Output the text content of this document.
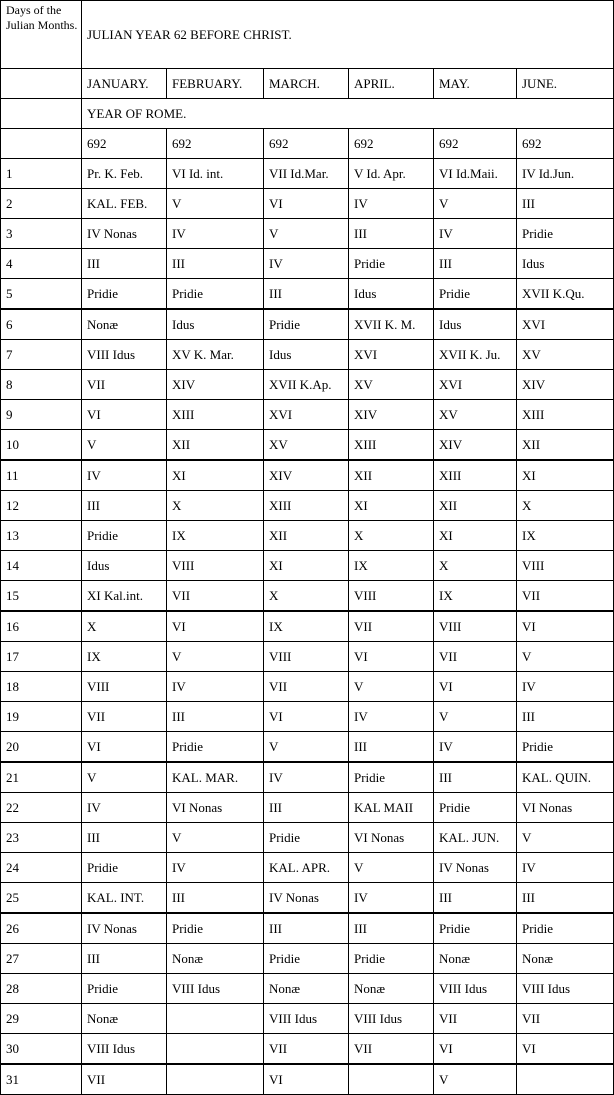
Days of the Julian Months.	JULIAN YEAR 62 BEFORE CHRIST.					
	JANUARY.	FEBRUARY.	MARCH.	APRIL.	MAY.	JUNE.
	YEAR OF ROME.					
	692	692	692	692	692	692
1	Pr. K. Feb.	VI Id. int.	VII Id.Mar.	V Id. Apr.	VI Id.Maii.	IV Id.Jun.
2	KAL. FEB.	V	VI	IV	V	III
3	IV Nonas	IV	V	III	IV	Pridie
4	III	III	IV	Pridie	III	Idus
5	Pridie	Pridie	III	Idus	Pridie	XVII K.Qu.
6	Nonæ	Idus	Pridie	XVII K. M.	Idus	XVI
7	VIII Idus	XV K. Mar.	Idus	XVI	XVII K. Ju.	XV
8	VII	XIV	XVII K.Ap.	XV	XVI	XIV
9	VI	XIII	XVI	XIV	XV	XIII
10	V	XII	XV	XIII	XIV	XII
11	IV	XI	XIV	XII	XIII	XI
12	III	X	XIII	XI	XII	X
13	Pridie	IX	XII	X	XI	IX
14	Idus	VIII	XI	IX	X	VIII
15	XI Kal.int.	VII	X	VIII	IX	VII
16	X	VI	IX	VII	VIII	VI
17	IX	V	VIII	VI	VII	V
18	VIII	IV	VII	V	VI	IV
19	VII	III	VI	IV	V	III
20	VI	Pridie	V	III	IV	Pridie
21	V	KAL. MAR.	IV	Pridie	III	KAL. QUIN.
22	IV	VI Nonas	III	KAL MAII	Pridie	VI Nonas
23	III	V	Pridie	VI Nonas	KAL. JUN.	V
24	Pridie	IV	KAL. APR.	V	IV Nonas	IV
25	KAL. INT.	III	IV Nonas	IV	III	III
26	IV Nonas	Pridie	III	III	Pridie	Pridie
27	III	Nonæ	Pridie	Pridie	Nonæ	Nonæ
28	Pridie	VIII Idus	Nonæ	Nonæ	VIII Idus	VIII Idus
29	Nonæ		VIII Idus	VIII Idus	VII	VII
30	VIII Idus		VII	VII	VI	VI
31	VII		VI		V	
